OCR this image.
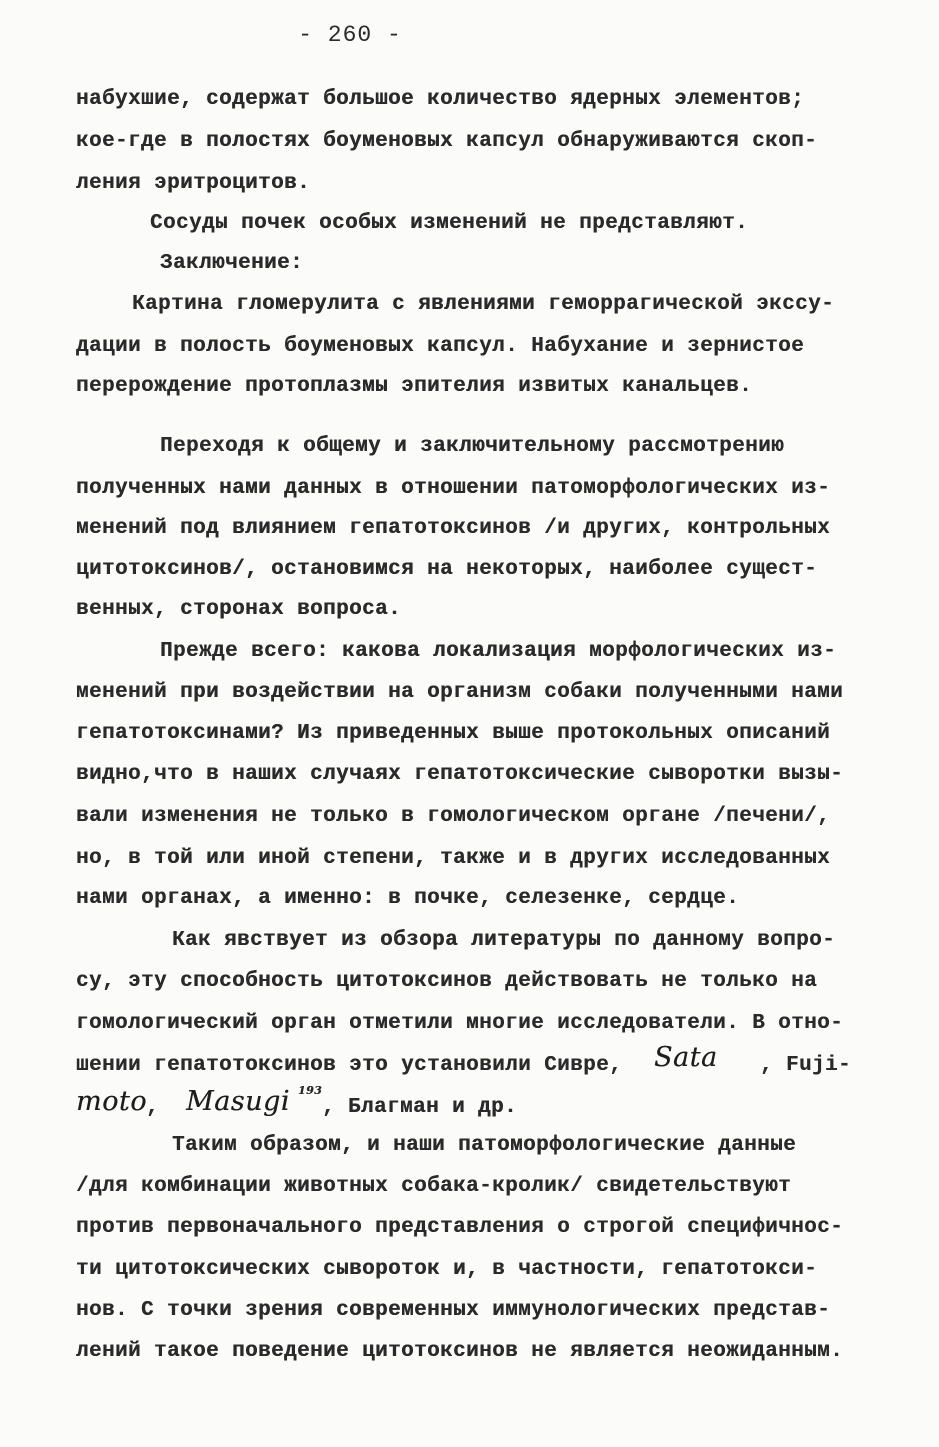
- 260 -
набухшие, содержат большое количество ядерных элементов;
кое-где в полостях боуменовых капсул обнаруживаются скоп-
ления эритроцитов.
Сосуды почек особых изменений не представляют.
Заключение:
Картина гломерулита с явлениями геморрагической экссу-
дации в полость боуменовых капсул. Набухание и зернистое
перерождение протоплазмы эпителия извитых канальцев.
Переходя к общему и заключительному рассмотрению
полученных нами данных в отношении патоморфологических из-
менений под влиянием гепатотоксинов /и других, контрольных
цитотоксинов/, остановимся на некоторых, наиболее сущест-
венных, сторонах вопроса.
Прежде всего: какова локализация морфологических из-
менений при воздействии на организм собаки полученными нами
гепатотоксинами? Из приведенных выше протокольных описаний
видно,что в наших случаях гепатотоксические сыворотки вызы-
вали изменения не только в гомологическом органе /печени/,
но, в той или иной степени, также и в других исследованных
нами органах, а именно: в почке, селезенке, сердце.
Как явствует из обзора литературы по данному вопро-
су, эту способность цитотоксинов действовать не только на
гомологический орган отметили многие исследователи. В отно-
шении гепатотоксинов это установили Сивре, Sata , Fuji-
moto , Masugi 193
, Благман и др.
Таким образом, и наши патоморфологические данные
/для комбинации животных собака-кролик/ свидетельствуют
против первоначального представления о строгой специфичнос-
ти цитотоксических сывороток и, в частности, гепатотокси-
нов. С точки зрения современных иммунологических представ-
лений такое поведение цитотоксинов не является неожиданным.
